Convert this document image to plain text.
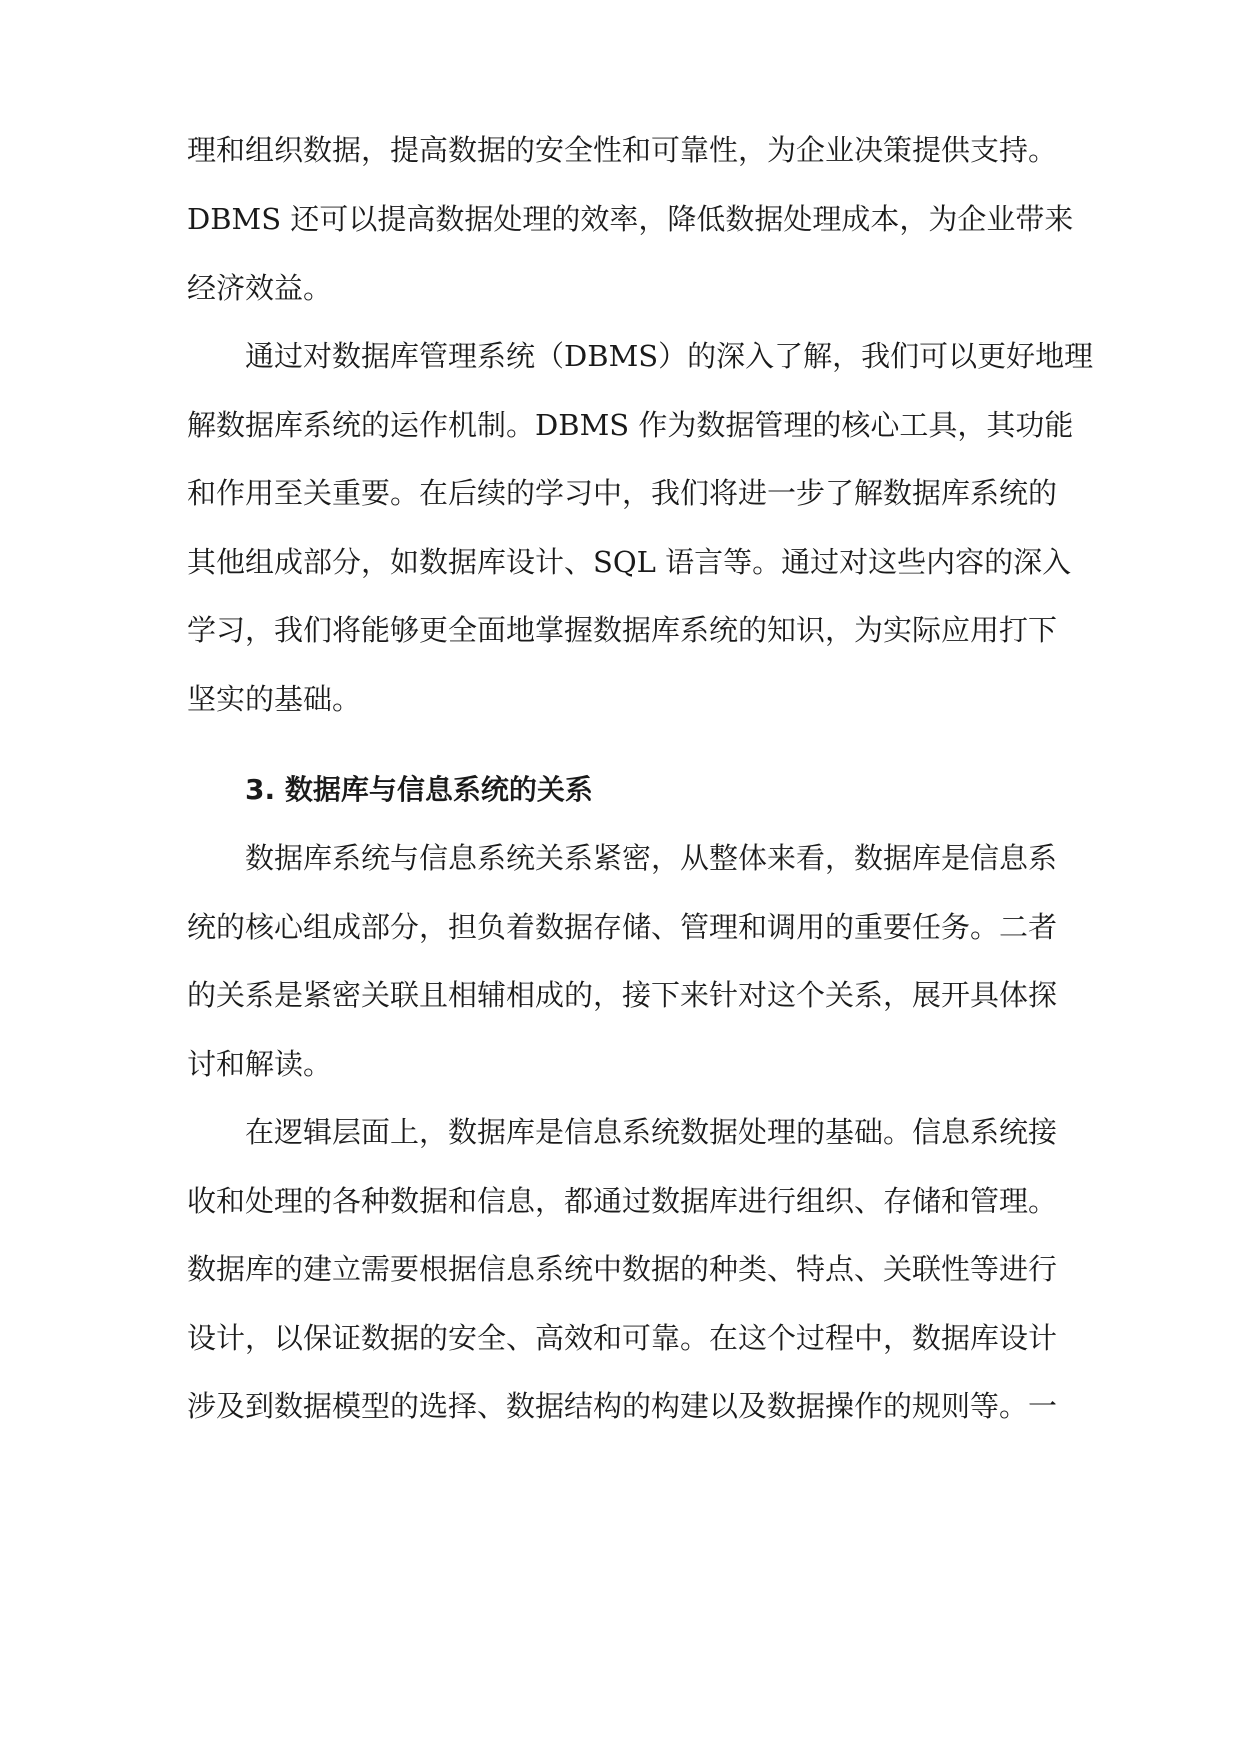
理和组织数据，提高数据的安全性和可靠性，为企业决策提供支持。
DBMS 还可以提高数据处理的效率，降低数据处理成本，为企业带来
经济效益。
通过对数据库管理系统（DBMS）的深入了解，我们可以更好地理
解数据库系统的运作机制。DBMS 作为数据管理的核心工具，其功能
和作用至关重要。在后续的学习中，我们将进一步了解数据库系统的
其他组成部分，如数据库设计、SQL 语言等。通过对这些内容的深入
学习，我们将能够更全面地掌握数据库系统的知识，为实际应用打下
坚实的基础。
3. 数据库与信息系统的关系
数据库系统与信息系统关系紧密，从整体来看，数据库是信息系
统的核心组成部分，担负着数据存储、管理和调用的重要任务。二者
的关系是紧密关联且相辅相成的，接下来针对这个关系，展开具体探
讨和解读。
在逻辑层面上，数据库是信息系统数据处理的基础。信息系统接
收和处理的各种数据和信息，都通过数据库进行组织、存储和管理。
数据库的建立需要根据信息系统中数据的种类、特点、关联性等进行
设计，以保证数据的安全、高效和可靠。在这个过程中，数据库设计
涉及到数据模型的选择、数据结构的构建以及数据操作的规则等。一
